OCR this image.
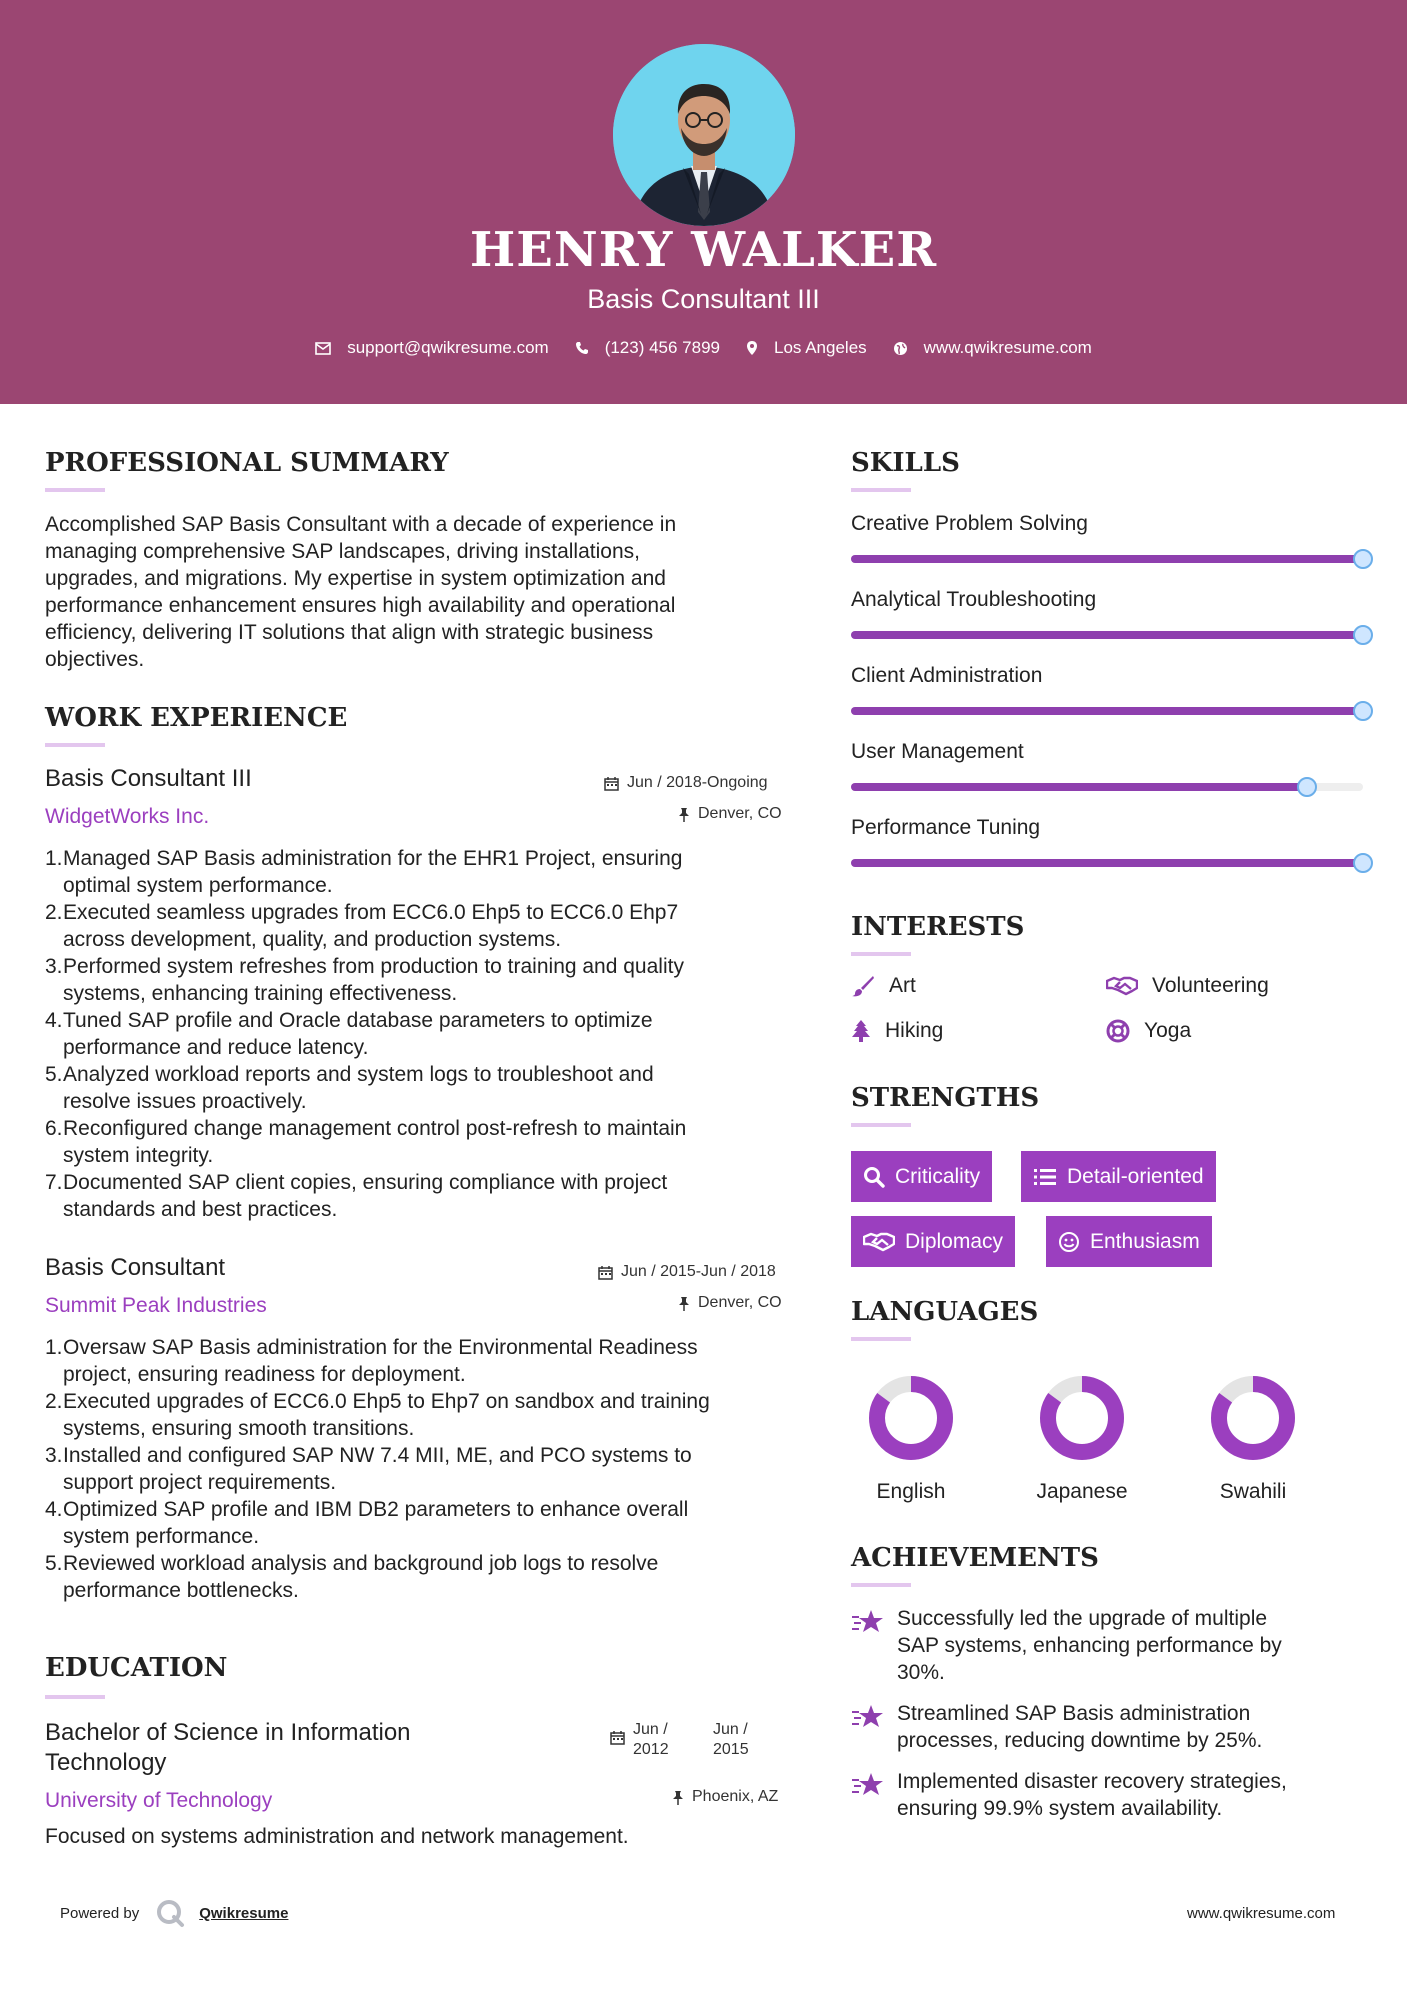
HENRY WALKER
Basis Consultant III
support@qwikresume.com	(123) 456 7899	Los Angeles	www.qwikresume.com
PROFESSIONAL SUMMARY
Accomplished SAP Basis Consultant with a decade of experience in
managing comprehensive SAP landscapes, driving installations,
upgrades, and migrations. My expertise in system optimization and
performance enhancement ensures high availability and operational
efficiency, delivering IT solutions that align with strategic business
objectives.
WORK EXPERIENCE
Basis Consultant III
WidgetWorks Inc.
Jun / 2018-Ongoing
Denver, CO
1. Managed SAP Basis administration for the EHR1 Project, ensuring
optimal system performance.
2. Executed seamless upgrades from ECC6.0 Ehp5 to ECC6.0 Ehp7
across development, quality, and production systems.
3. Performed system refreshes from production to training and quality
systems, enhancing training effectiveness.
4. Tuned SAP profile and Oracle database parameters to optimize
performance and reduce latency.
5. Analyzed workload reports and system logs to troubleshoot and
resolve issues proactively.
6. Reconfigured change management control post-refresh to maintain
system integrity.
7. Documented SAP client copies, ensuring compliance with project
standards and best practices.
Basis Consultant
Summit Peak Industries
Jun / 2015-Jun / 2018
Denver, CO
1. Oversaw SAP Basis administration for the Environmental Readiness
project, ensuring readiness for deployment.
2. Executed upgrades of ECC6.0 Ehp5 to Ehp7 on sandbox and training
systems, ensuring smooth transitions.
3. Installed and configured SAP NW 7.4 MII, ME, and PCO systems to
support project requirements.
4. Optimized SAP profile and IBM DB2 parameters to enhance overall
system performance.
5. Reviewed workload analysis and background job logs to resolve
performance bottlenecks.
EDUCATION
Bachelor of Science in Information
Technology
University of Technology
Jun /
2012
Jun /
2015
Phoenix, AZ
Focused on systems administration and network management.
SKILLS
Creative Problem Solving
Analytical Troubleshooting
Client Administration
User Management
Performance Tuning
INTERESTS
Art	Volunteering
Hiking	Yoga
STRENGTHS
Criticality	Detail-oriented
Diplomacy	Enthusiasm
LANGUAGES
English	Japanese	Swahili
ACHIEVEMENTS
Successfully led the upgrade of multiple
SAP systems, enhancing performance by
30%.
Streamlined SAP Basis administration
processes, reducing downtime by 25%.
Implemented disaster recovery strategies,
ensuring 99.9% system availability.
Powered by	Qwikresume	www.qwikresume.com
